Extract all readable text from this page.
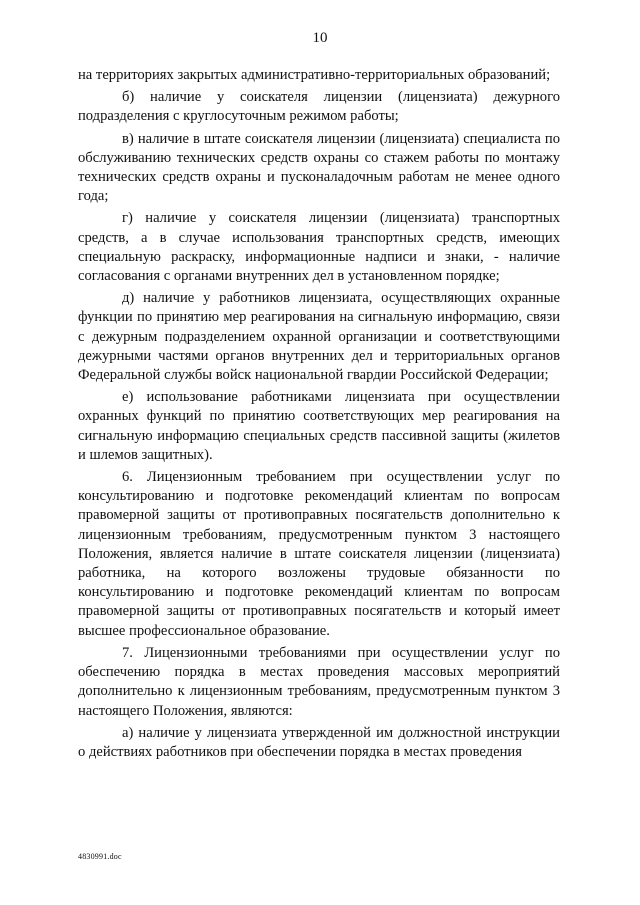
10

на территориях закрытых административно-территориальных образований;

б) наличие у соискателя лицензии (лицензиата) дежурного подразделения с круглосуточным режимом работы;

в) наличие в штате соискателя лицензии (лицензиата) специалиста по обслуживанию технических средств охраны со стажем работы по монтажу технических средств охраны и пусконаладочным работам не менее одного года;

г) наличие у соискателя лицензии (лицензиата) транспортных средств, а в случае использования транспортных средств, имеющих специальную раскраску, информационные надписи и знаки, - наличие согласования с органами внутренних дел в установленном порядке;

д) наличие у работников лицензиата, осуществляющих охранные функции по принятию мер реагирования на сигнальную информацию, связи с дежурным подразделением охранной организации и соответствующими дежурными частями органов внутренних дел и территориальных органов Федеральной службы войск национальной гвардии Российской Федерации;

е) использование работниками лицензиата при осуществлении охранных функций по принятию соответствующих мер реагирования на сигнальную информацию специальных средств пассивной защиты (жилетов и шлемов защитных).

6. Лицензионным требованием при осуществлении услуг по консультированию и подготовке рекомендаций клиентам по вопросам правомерной защиты от противоправных посягательств дополнительно к лицензионным требованиям, предусмотренным пунктом 3 настоящего Положения, является наличие в штате соискателя лицензии (лицензиата) работника, на которого возложены трудовые обязанности по консультированию и подготовке рекомендаций клиентам по вопросам правомерной защиты от противоправных посягательств и который имеет высшее профессиональное образование.

7. Лицензионными требованиями при осуществлении услуг по обеспечению порядка в местах проведения массовых мероприятий дополнительно к лицензионным требованиям, предусмотренным пунктом 3 настоящего Положения, являются:

а) наличие у лицензиата утвержденной им должностной инструкции о действиях работников при обеспечении порядка в местах проведения

4830991.doc
